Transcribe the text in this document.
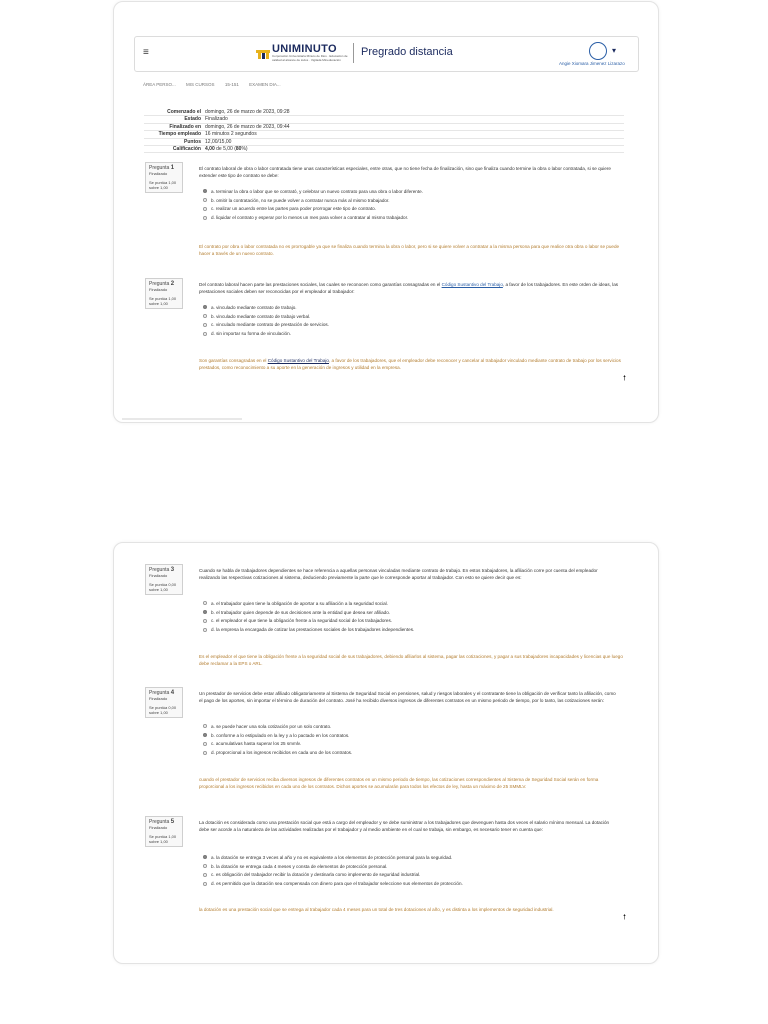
≡	UNIMINUTO
Corporación Universitaria Minuto de Dios · Educación de calidad al alcance de todos · Vigilada Mineducación
Pregrado distancia	▾
Angie Xiomara Jimenez Lizarazo
ÁREA PERSO... MIS CURSOS 15-151 EXAMEN DIA...
Comenzado el domingo, 26 de marzo de 2023, 09:28
Estado Finalizado
Finalizado en domingo, 26 de marzo de 2023, 09:44
Tiempo empleado 16 minutos 2 segundos
Puntos 12,00/15,00
Calificación 4,00 de 5,00 (80%)
Pregunta 1
Finalizado
Se puntúa 1,00 sobre 1,00
El contrato laboral de obra o labor contratada tiene unas características especiales, entre otras, que no tiene fecha de finalización, sino que finaliza cuando termine la obra o labor contratada, si se quiere extender este tipo de contrato se debe:
a. terminar la obra o labor que se contrató, y celebrar un nuevo contrato para una obra o labor diferente.
b. omitir la contratación, no se puede volver a contratar nunca más al mismo trabajador.
c. realizar un acuerdo entre las partes para poder prorrogar este tipo de contrato.
d. liquidar el contrato y esperar por lo menos un mes para volver a contratar al mismo trabajador.
El contrato por obra o labor contratada no es prorrogable ya que se finaliza cuando termina la obra o labor, pero si se quiere volver a contratar a la misma persona para que realice otra obra o labor se puede hacer a través de un nuevo contrato.
Pregunta 2
Finalizado
Se puntúa 1,00 sobre 1,00
Del contrato laboral hacen parte las prestaciones sociales, las cuales se reconocen como garantías consagradas en el Código Sustantivo del Trabajo, a favor de los trabajadores. En este orden de ideas, las prestaciones sociales deben ser reconocidas por el empleador al trabajador:
a. vinculado mediante contrato de trabajo.
b. vinculado mediante contrato de trabajo verbal.
c. vinculado mediante contrato de prestación de servicios.
d. sin importar su forma de vinculación.
Son garantías consagradas en el Código Sustantivo del Trabajo, a favor de los trabajadores, que el empleador debe reconocer y cancelar al trabajador vinculado mediante contrato de trabajo por los servicios prestados, como reconocimiento a su aporte en la generación de ingresos y utilidad en la empresa.
🠕
Pregunta 3
Finalizado
Se puntúa 0,00 sobre 1,00
Cuando se habla de trabajadores dependientes se hace referencia a aquellas personas vinculadas mediante contrato de trabajo. En estos trabajadores, la afiliación corre por cuenta del empleador realizando las respectivas cotizaciones al sistema, deduciendo previamente la parte que le corresponde aportar al trabajador. Con esto se quiere decir que es:
a. el trabajador quien tiene la obligación de aportar a su afiliación a la seguridad social.
b. el trabajador quien depende de sus decisiones ante la entidad que desea ser afiliado.
c. el empleador el que tiene la obligación frente a la seguridad social de los trabajadores.
d. la empresa la encargada de cotizar las prestaciones sociales de los trabajadores independientes.
Es el empleador el que tiene la obligación frente a la seguridad social de sus trabajadores, debiendo afiliarlos al sistema, pagar las cotizaciones, y pagar a sus trabajadores incapacidades y licencias que luego debe reclamar a la EPS o ARL.
Pregunta 4
Finalizado
Se puntúa 0,00 sobre 1,00
Un prestador de servicios debe estar afiliado obligatoriamente al Sistema de Seguridad Social en pensiones, salud y riesgos laborales y el contratante tiene la obligación de verificar tanto la afiliación, como el pago de los aportes, sin importar el término de duración del contrato. José ha recibido diversos ingresos de diferentes contratos en un mismo periodo de tiempo, por lo tanto, las cotizaciones serán:
a. se puede hacer una sola cotización por un solo contrato.
b. conforme a lo estipulado en la ley y a lo pactado en los contratos.
c. acumulativas hasta superar los 25 smmlv.
d. proporcional a los ingresos recibidos en cada uno de los contratos.
cuando el prestador de servicios reciba diversos ingresos de diferentes contratos en un mismo periodo de tiempo, las cotizaciones correspondientes al Sistema de Seguridad Social serán en forma proporcional a los ingresos recibidos en cada uno de los contratos. Dichos aportes se acumularán para todos los efectos de ley, hasta un máximo de 25 SMMLV.
Pregunta 5
Finalizado
Se puntúa 1,00 sobre 1,00
La dotación es considerada como una prestación social que está a cargo del empleador y se debe suministrar a los trabajadores que devenguen hasta dos veces el salario mínimo mensual. La dotación debe ser acorde a la naturaleza de las actividades realizadas por el trabajador y al medio ambiente en el cual se trabaja, sin embargo, es necesario tener en cuenta que:
a. la dotación se entrega 3 veces al año y no es equivalente a los elementos de protección personal para la seguridad.
b. la dotación se entrega cada 4 meses y consta de elementos de protección personal.
c. es obligación del trabajador recibir la dotación y destinarla como implemento de seguridad industrial.
d. es permitido que la dotación sea compensada con dinero para que el trabajador seleccione sus elementos de protección.
la dotación es una prestación social que se entrega al trabajador cada 4 meses para un total de tres dotaciones al año, y es distinta a los implementos de seguridad industrial.
🠕
